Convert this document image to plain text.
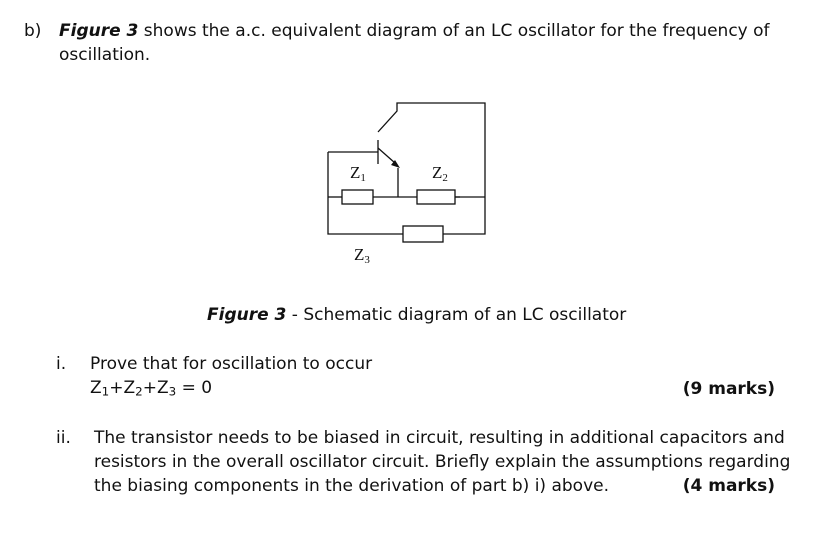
b) Figure 3 shows the a.c. equivalent diagram of an LC oscillator for the frequency of
oscillation.
Z1	Z2
Z3
Figure 3 - Schematic diagram of an LC oscillator
i. Prove that for oscillation to occur
$Z_1+Z_2+Z_3 = 0$	(9 marks)
ii. The transistor needs to be biased in circuit, resulting in additional capacitors and
resistors in the overall oscillator circuit. Briefly explain the assumptions regarding
the biasing components in the derivation of part b) i) above.	(4 marks)
